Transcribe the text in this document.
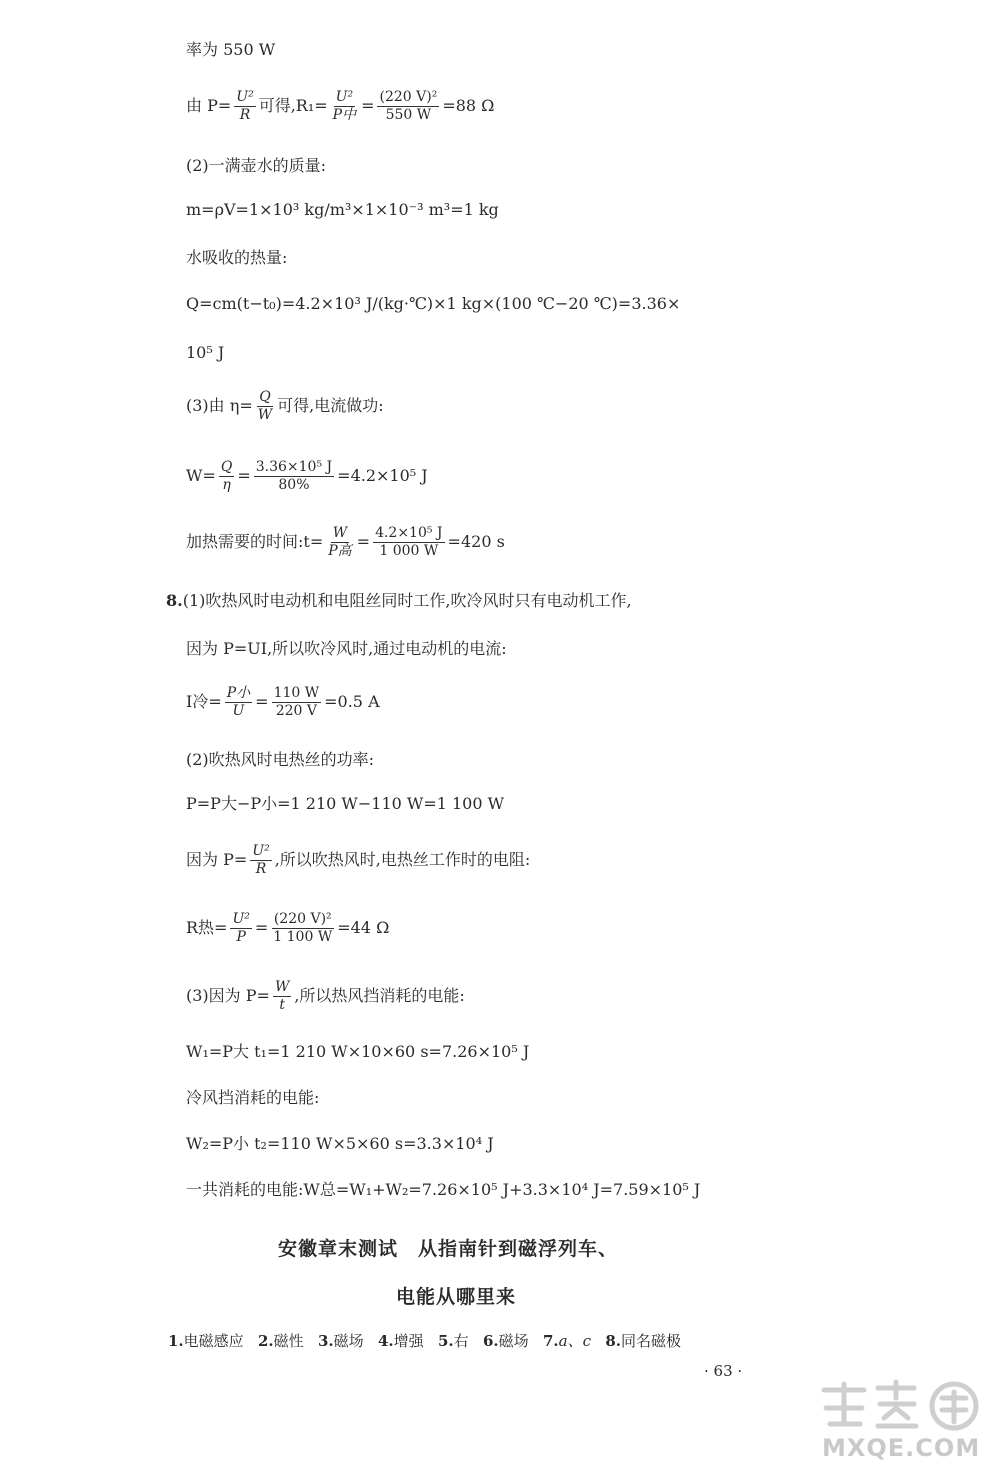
率为 550 W
由 $P= \frac{\text{U²}}{R}$ 可得$,R_1= \frac{\text{U²}}{\text{P中}} = \frac{\text{(220 V)²}}{550 W} =88$ Ω
(2)一满壶水的质量:
m=ρV=1×10³ kg/m³×1×10⁻³ m³=1 kg
水吸收的热量:
Q=cm(t−t₀)=4.2×10³ J/(kg·℃)×1 kg×(100 ℃−20 ℃)=3.36×
10⁵ J
(3)由 $\eta= \frac{Q}{W}$ 可得,电流做功:
$W= \frac{Q}{\eta} = \frac{\text{3.36×10⁵ J}}{80\%} =4.2\times 10^5$ J
加热需要的时间:t= $\frac{W}{\text{P高}} = \frac{\text{4.2×10⁵ J}}{1 000 W} =420$ s
8. (1)吹热风时电动机和电阻丝同时工作,吹冷风时只有电动机工作,
因为 P=UI,所以吹冷风时,通过电动机的电流:
I冷= $\frac{\text{P小}}{U} = \frac{110 W}{220 V} =0.5$ A
(2)吹热风时电热丝的功率:
P=P大−P小=1 210 W−110 W=1 100 W
因为 $P= \frac{\text{U²}}{R}$ ,所以吹热风时,电热丝工作时的电阻:
R热= $\frac{\text{U²}}{P} = \frac{\text{(220 V)²}}{1 100 W} =44$ Ω
(3)因为 $P= \frac{W}{t}$ ,所以热风挡消耗的电能:
W₁=P大 t₁=1 210 W×10×60 s=7.26×10⁵ J
冷风挡消耗的电能:
W₂=P小 t₂=110 W×5×60 s=3.3×10⁴ J
一共消耗的电能:W总=W₁+W₂=7.26×10⁵ J+3.3×10⁴ J=7.59×10⁵ J
安徽章末测试　从指南针到磁浮列车、
电能从哪里来
1.电磁感应 2.磁性 3.磁场 4.增强 5.右 6.磁场 7.a、c 8.同名磁极
· 63 ·
MXQE.COM
